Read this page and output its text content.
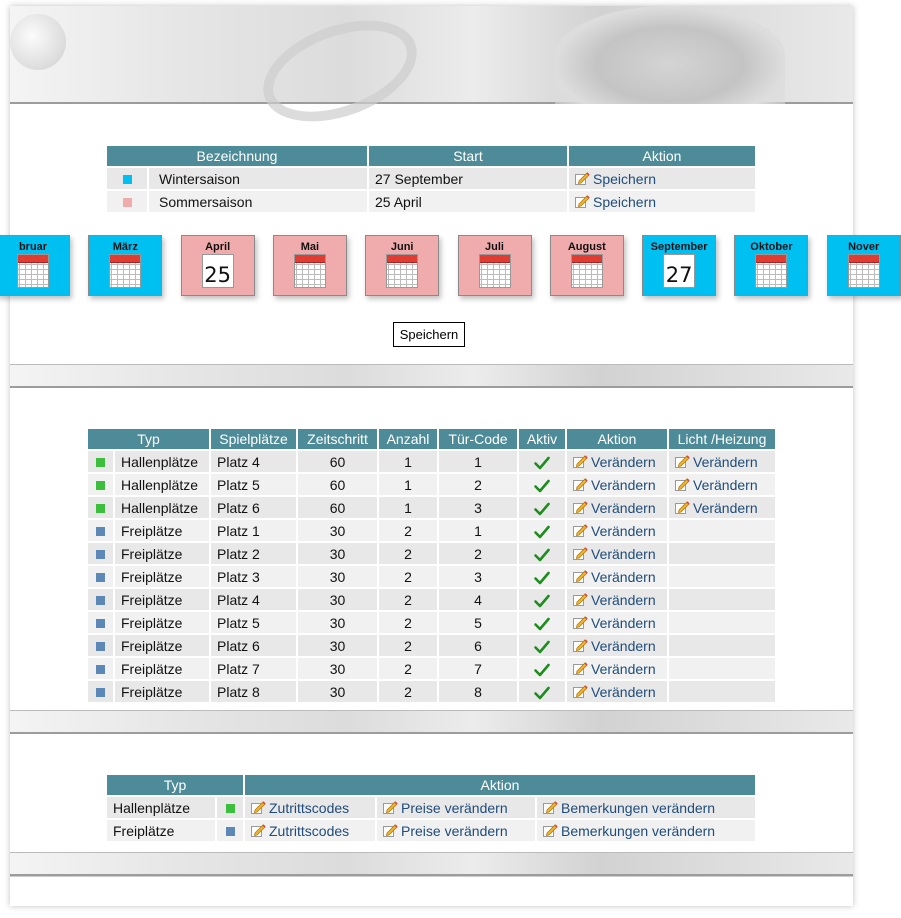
Bezeichnung		Start	Aktion
	Wintersaison	27 September	Speichern
	Sommersaison	25 April	Speichern
bruar	März	April
25
Mai	Juni	Juli	August	September
27
Oktober	Nover
Speichern
Typ		Spielplätze	Zeitschritt	Anzahl	Tür-Code	Aktiv	Aktion	Licht /Heizung
	Hallenplätze	Platz 4	60	1	1		Verändern	Verändern
	Hallenplätze	Platz 5	60	1	2		Verändern	Verändern
	Hallenplätze	Platz 6	60	1	3		Verändern	Verändern
	Freiplätze	Platz 1	30	2	1		Verändern	
	Freiplätze	Platz 2	30	2	2		Verändern	
	Freiplätze	Platz 3	30	2	3		Verändern	
	Freiplätze	Platz 4	30	2	4		Verändern	
	Freiplätze	Platz 5	30	2	5		Verändern	
	Freiplätze	Platz 6	30	2	6		Verändern	
	Freiplätze	Platz 7	30	2	7		Verändern	
	Freiplätze	Platz 8	30	2	8		Verändern	
Typ		Aktion		
Hallenplätze		Zutrittscodes	Preise verändern	Bemerkungen verändern
Freiplätze		Zutrittscodes	Preise verändern	Bemerkungen verändern
